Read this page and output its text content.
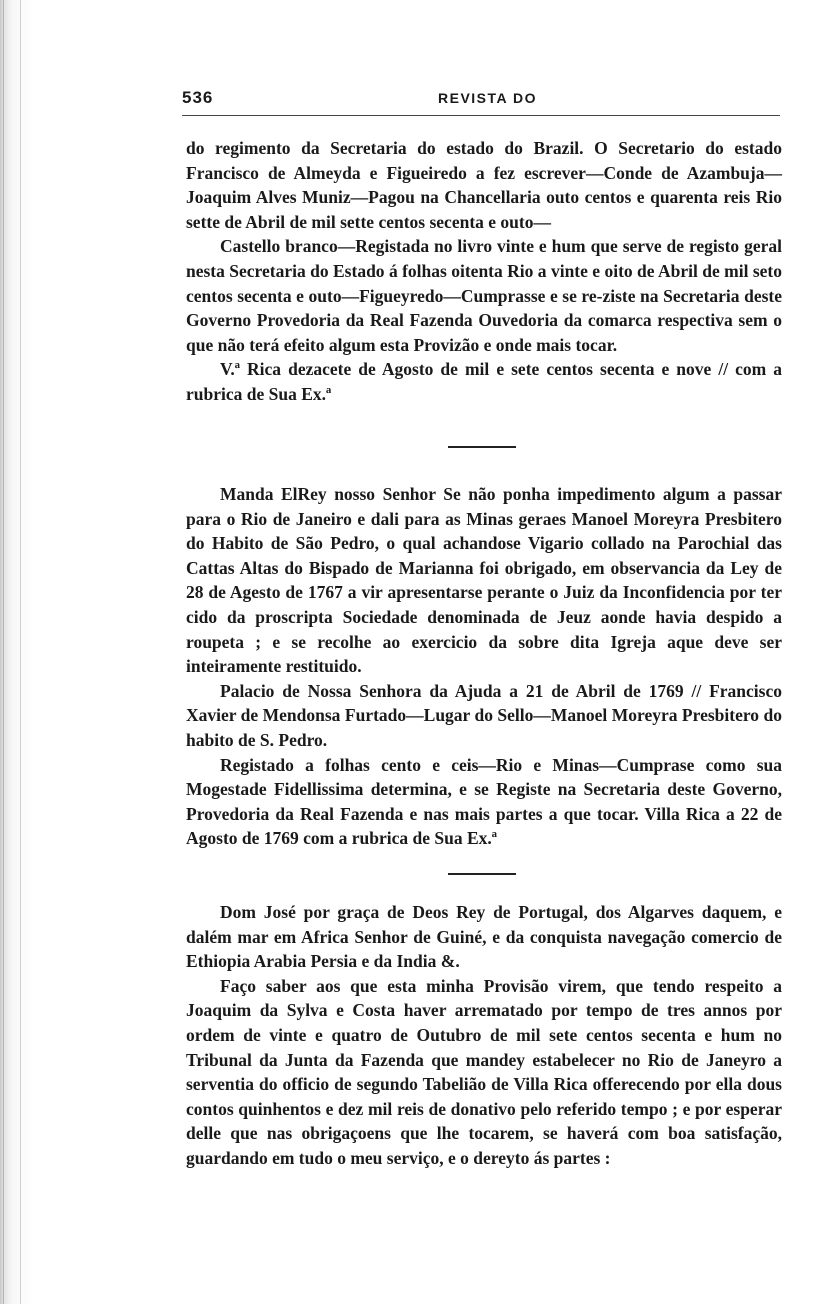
536	REVISTA DO

do regimento da Secretaria do estado do Brazil. O Secretario do estado Francisco de Almeyda e Figueiredo a fez escrever—Conde de Azambuja—Joaquim Alves Muniz—Pagou na Chancellaria outo centos e quarenta reis Rio sette de Abril de mil sette centos secenta e outo—

Castello branco—Registada no livro vinte e hum que serve de registo geral nesta Secretaria do Estado á folhas oitenta Rio a vinte e oito de Abril de mil seto centos secenta e outo—Figueyredo—Cumprasse e se re-ziste na Secretaria deste Governo Provedoria da Real Fazenda Ouvedoria da comarca respectiva sem o que não terá efeito algum esta Provizão e onde mais tocar.

V.ª Rica dezacete de Agosto de mil e sete centos secenta e nove // com a rubrica de Sua Ex.ª

Manda ElRey nosso Senhor Se não ponha impedimento algum a passar para o Rio de Janeiro e dali para as Minas geraes Manoel Moreyra Presbitero do Habito de São Pedro, o qual achandose Vigario collado na Parochial das Cattas Altas do Bispado de Marianna foi obrigado, em observancia da Ley de 28 de Agesto de 1767 a vir apresentarse perante o Juiz da Inconfidencia por ter cido da proscripta Sociedade denominada de Jeuz aonde havia despido a roupeta ; e se recolhe ao exercicio da sobre dita Igreja aque deve ser inteiramente restituido.

Palacio de Nossa Senhora da Ajuda a 21 de Abril de 1769 // Francisco Xavier de Mendonsa Furtado—Lugar do Sello—Manoel Moreyra Presbitero do habito de S. Pedro.

Registado a folhas cento e ceis—Rio e Minas—Cumprase como sua Mogestade Fidellissima determina, e se Registe na Secretaria deste Governo, Provedoria da Real Fazenda e nas mais partes a que tocar. Villa Rica a 22 de Agosto de 1769 com a rubrica de Sua Ex.ª

Dom José por graça de Deos Rey de Portugal, dos Algarves daquem, e dalém mar em Africa Senhor de Guiné, e da conquista navegação comercio de Ethiopia Arabia Persia e da India &.

Faço saber aos que esta minha Provisão virem, que tendo respeito a Joaquim da Sylva e Costa haver arrematado por tempo de tres annos por ordem de vinte e quatro de Outubro de mil sete centos secenta e hum no Tribunal da Junta da Fazenda que mandey estabelecer no Rio de Janeyro a serventia do officio de segundo Tabelião de Villa Rica offerecendo por ella dous contos quinhentos e dez mil reis de donativo pelo referido tempo ; e por esperar delle que nas obrigaçoens que lhe tocarem, se haverá com boa satisfação, guardando em tudo o meu serviço, e o dereyto ás partes :
